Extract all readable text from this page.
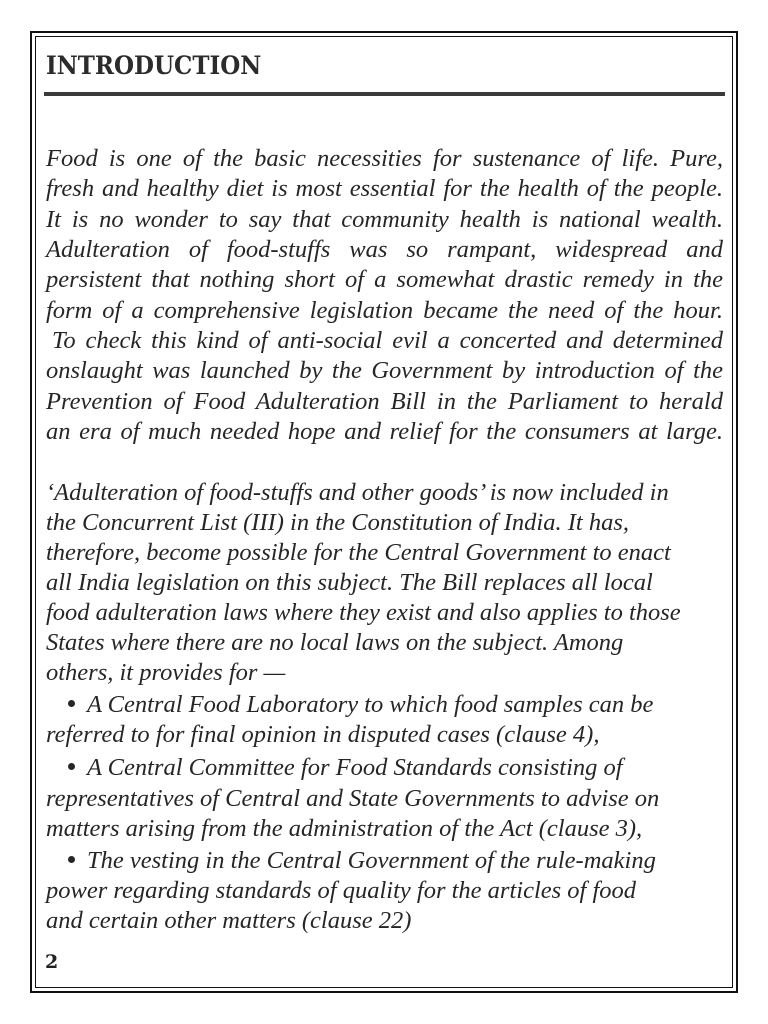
INTRODUCTION

Food is one of the basic necessities for sustenance of life. Pure,

fresh and healthy diet is most essential for the health of the people.

It is no wonder to say that community health is national wealth.

Adulteration of food-stuffs was so rampant, widespread and

persistent that nothing short of a somewhat drastic remedy in the

form of a comprehensive legislation became the need of the hour.

To check this kind of anti-social evil a concerted and determined

onslaught was launched by the Government by introduction of the

Prevention of Food Adulteration Bill in the Parliament to herald

an era of much needed hope and relief for the consumers at large.

‘Adulteration of food-stuffs and other goods’ is now included in

the Concurrent List (III) in the Constitution of India. It has,

therefore, become possible for the Central Government to enact

all India legislation on this subject. The Bill replaces all local

food adulteration laws where they exist and also applies to those

States where there are no local laws on the subject. Among

others, it provides for —

A Central Food Laboratory to which food samples can be

referred to for final opinion in disputed cases (clause 4),

A Central Committee for Food Standards consisting of

representatives of Central and State Governments to advise on

matters arising from the administration of the Act (clause 3),

The vesting in the Central Government of the rule-making

power regarding standards of quality for the articles of food

and certain other matters (clause 22)

2
